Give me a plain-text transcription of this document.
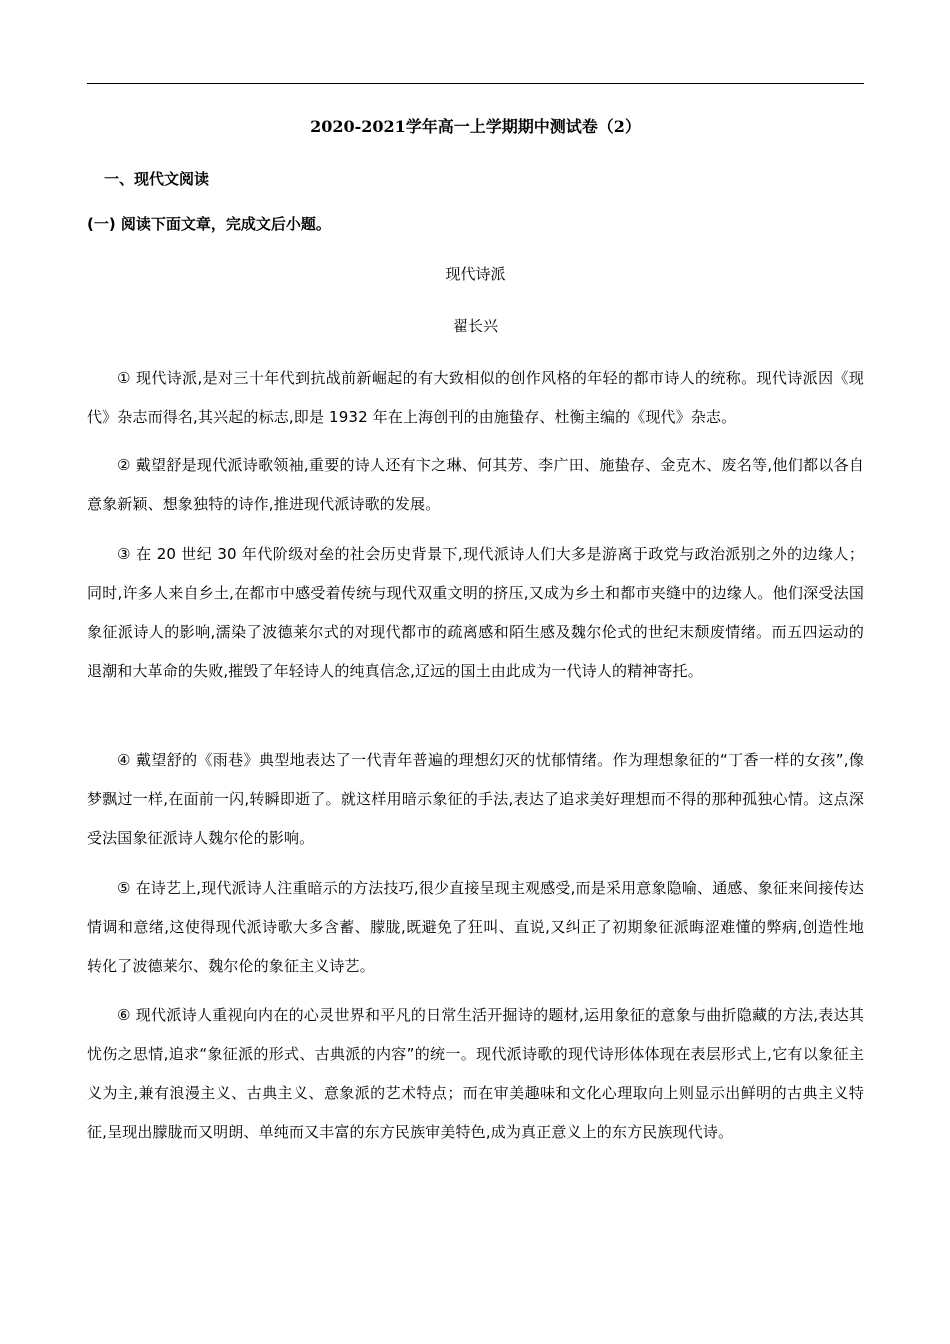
2020-2021学年高一上学期期中测试卷（2）
一、现代文阅读
(一) 阅读下面文章，完成文后小题。
现代诗派
翟长兴

① 现代诗派,是对三十年代到抗战前新崛起的有大致相似的创作风格的年轻的都市诗人的统称。现代诗派因《现代》杂志而得名,其兴起的标志,即是 1932 年在上海创刊的由施蛰存、杜衡主编的《现代》杂志。

② 戴望舒是现代派诗歌领袖,重要的诗人还有卞之琳、何其芳、李广田、施蛰存、金克木、废名等,他们都以各自意象新颖、想象独特的诗作,推进现代派诗歌的发展。

③ 在 20 世纪 30 年代阶级对垒的社会历史背景下,现代派诗人们大多是游离于政党与政治派别之外的边缘人；同时,许多人来自乡土,在都市中感受着传统与现代双重文明的挤压,又成为乡土和都市夹缝中的边缘人。他们深受法国象征派诗人的影响,濡染了波德莱尔式的对现代都市的疏离感和陌生感及魏尔伦式的世纪末颓废情绪。而五四运动的退潮和大革命的失败,摧毁了年轻诗人的纯真信念,辽远的国土由此成为一代诗人的精神寄托。

④ 戴望舒的《雨巷》典型地表达了一代青年普遍的理想幻灭的忧郁情绪。作为理想象征的“丁香一样的女孩”,像梦飘过一样,在面前一闪,转瞬即逝了。就这样用暗示象征的手法,表达了追求美好理想而不得的那种孤独心情。这点深受法国象征派诗人魏尔伦的影响。

⑤ 在诗艺上,现代派诗人注重暗示的方法技巧,很少直接呈现主观感受,而是采用意象隐喻、通感、象征来间接传达情调和意绪,这使得现代派诗歌大多含蓄、朦胧,既避免了狂叫、直说,又纠正了初期象征派晦涩难懂的弊病,创造性地转化了波德莱尔、魏尔伦的象征主义诗艺。

⑥ 现代派诗人重视向内在的心灵世界和平凡的日常生活开掘诗的题材,运用象征的意象与曲折隐藏的方法,表达其忧伤之思情,追求“象征派的形式、古典派的内容”的统一。现代派诗歌的现代诗形体体现在表层形式上,它有以象征主义为主,兼有浪漫主义、古典主义、意象派的艺术特点；而在审美趣味和文化心理取向上则显示出鲜明的古典主义特征,呈现出朦胧而又明朗、单纯而又丰富的东方民族审美特色,成为真正意义上的东方民族现代诗。
